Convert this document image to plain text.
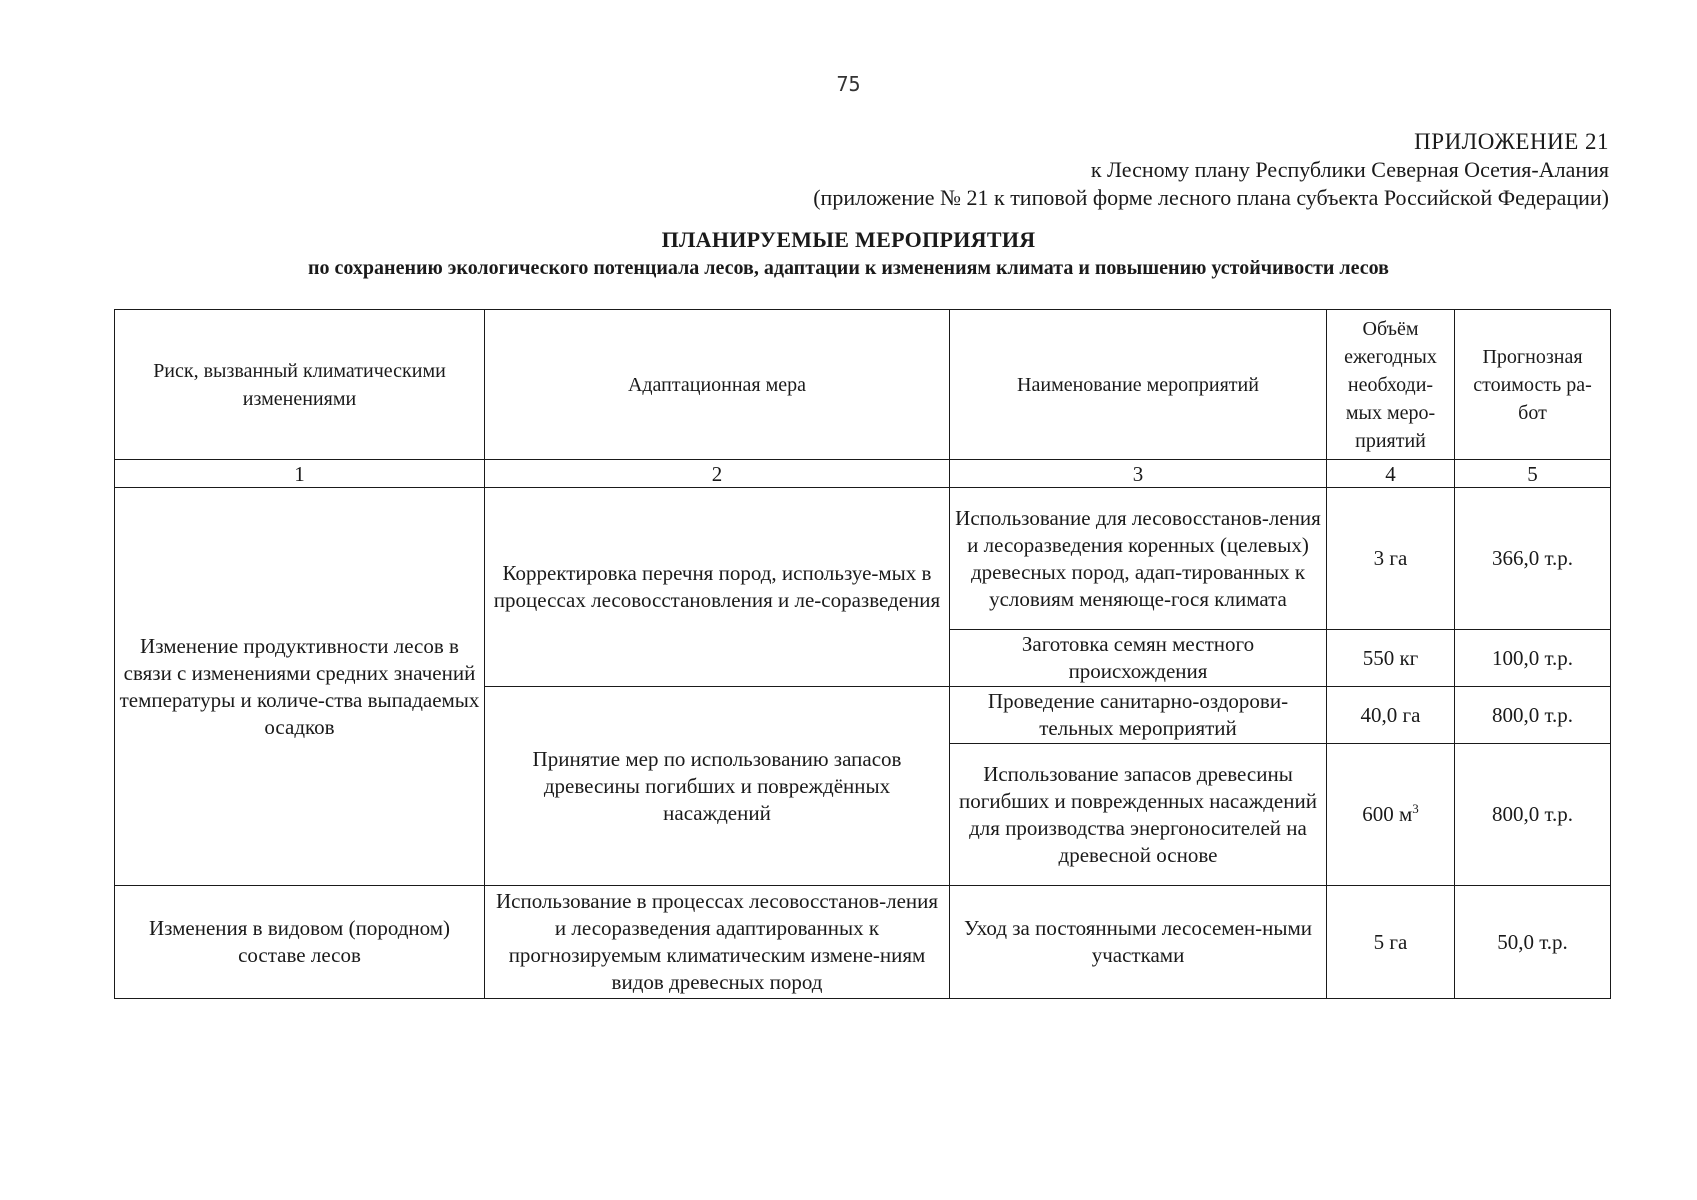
75
ПРИЛОЖЕНИЕ 21
к Лесному плану Республики Северная Осетия-Алания
(приложение № 21 к типовой форме лесного плана субъекта Российской Федерации)
ПЛАНИРУЕМЫЕ МЕРОПРИЯТИЯ
по сохранению экологического потенциала лесов, адаптации к изменениям климата и повышению устойчивости лесов
Риск, вызванный климатическими изменениями	Адаптационная мера	Наименование мероприятий	Объём ежегодных необходи-мых меро-приятий	Прогнозная стоимость ра-бот
1	2	3	4	5
Изменение продуктивности лесов в связи с изменениями средних значений температуры и количе-ства выпадаемых осадков	Корректировка перечня пород, используе-мых в процессах лесовосстановления и ле-соразведения	Использование для лесовосстанов-ления и лесоразведения коренных (целевых) древесных пород, адап-тированных к условиям меняюще-гося климата	3 га	366,0 т.р.
		Заготовка семян местного происхождения	550 кг	100,0 т.р.
	Принятие мер по использованию запасов древесины погибших и повреждённых насаждений	Проведение санитарно-оздорови-тельных мероприятий	40,0 га	800,0 т.р.
		Использование запасов древесины погибших и поврежденных насаждений для производства энергоносителей на древесной основе	600 $м^3$	800,0 т.р.
Изменения в видовом (породном) составе лесов	Использование в процессах лесовосстанов-ления и лесоразведения адаптированных к прогнозируемым климатическим измене-ниям видов древесных пород	Уход за постоянными лесосемен-ными участками	5 га	50,0 т.р.
